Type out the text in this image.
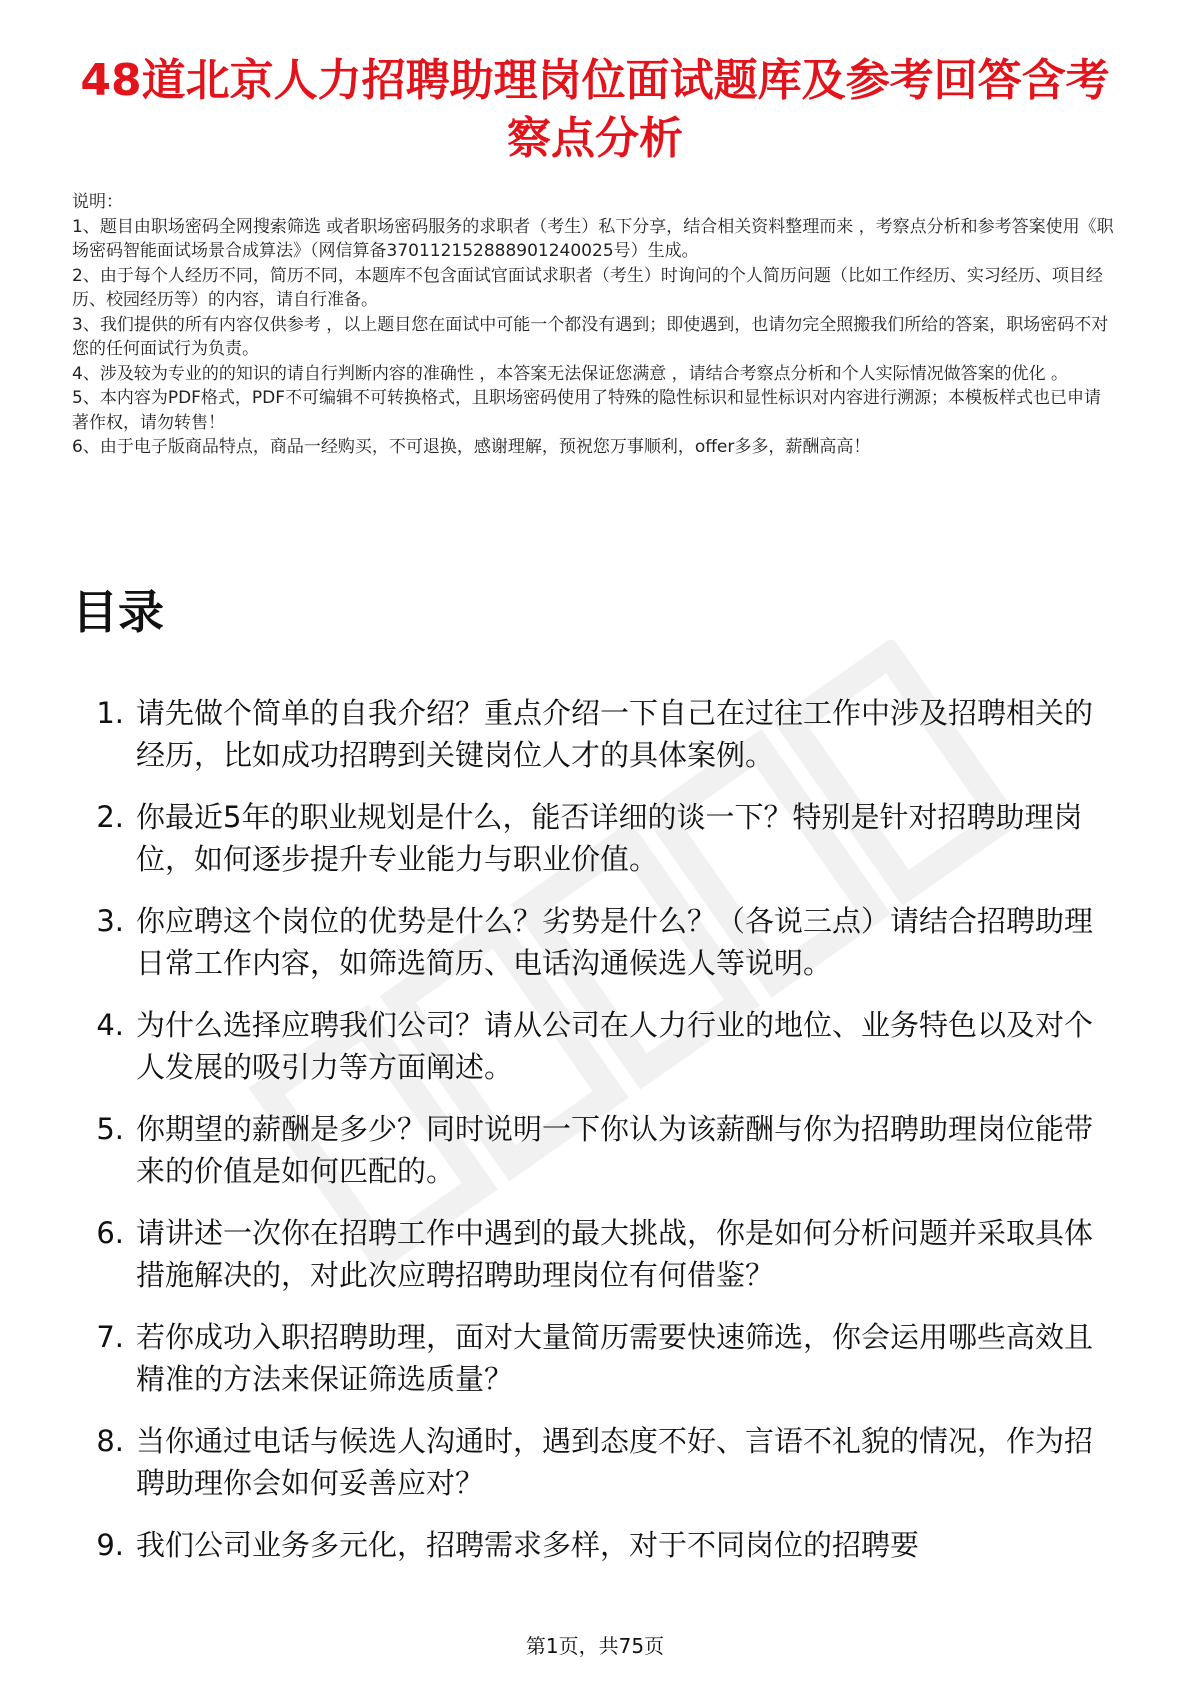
48道北京人力招聘助理岗位面试题库及参考回答含考察点分析
说明：
1、题目由职场密码全网搜索筛选 或者职场密码服务的求职者（考生）私下分享，结合相关资料整理而来 ，考察点分析和参考答案使用《职场密码智能面试场景合成算法》（网信算备370112152888901240025号）生成。
2、由于每个人经历不同，简历不同，本题库不包含面试官面试求职者（考生）时询问的个人简历问题（比如工作经历、实习经历、项目经历、校园经历等）的内容，请自行准备。
3、我们提供的所有内容仅供参考 ，以上题目您在面试中可能一个都没有遇到；即使遇到，也请勿完全照搬我们所给的答案，职场密码不对您的任何面试行为负责。
4、涉及较为专业的的知识的请自行判断内容的准确性 ，本答案无法保证您满意 ，请结合考察点分析和个人实际情况做答案的优化 。
5、本内容为PDF格式，PDF不可编辑不可转换格式，且职场密码使用了特殊的隐性标识和显性标识对内容进行溯源；本模板样式也已申请著作权，请勿转售！
6、由于电子版商品特点，商品一经购买，不可退换，感谢理解，预祝您万事顺利，offer多多，薪酬高高！
目录
1. 请先做个简单的自我介绍？重点介绍一下自己在过往工作中涉及招聘相关的经历，比如成功招聘到关键岗位人才的具体案例。
2. 你最近5年的职业规划是什么，能否详细的谈一下？特别是针对招聘助理岗位，如何逐步提升专业能力与职业价值。
3. 你应聘这个岗位的优势是什么？劣势是什么？（各说三点）请结合招聘助理日常工作内容，如筛选简历、电话沟通候选人等说明。
4. 为什么选择应聘我们公司？请从公司在人力行业的地位、业务特色以及对个人发展的吸引力等方面阐述。
5. 你期望的薪酬是多少？同时说明一下你认为该薪酬与你为招聘助理岗位能带来的价值是如何匹配的。
6. 请讲述一次你在招聘工作中遇到的最大挑战，你是如何分析问题并采取具体措施解决的，对此次应聘招聘助理岗位有何借鉴？
7. 若你成功入职招聘助理，面对大量简历需要快速筛选，你会运用哪些高效且精准的方法来保证筛选质量？
8. 当你通过电话与候选人沟通时，遇到态度不好、言语不礼貌的情况，作为招聘助理你会如何妥善应对？
9. 我们公司业务多元化，招聘需求多样，对于不同岗位的招聘要
第1页，共75页
